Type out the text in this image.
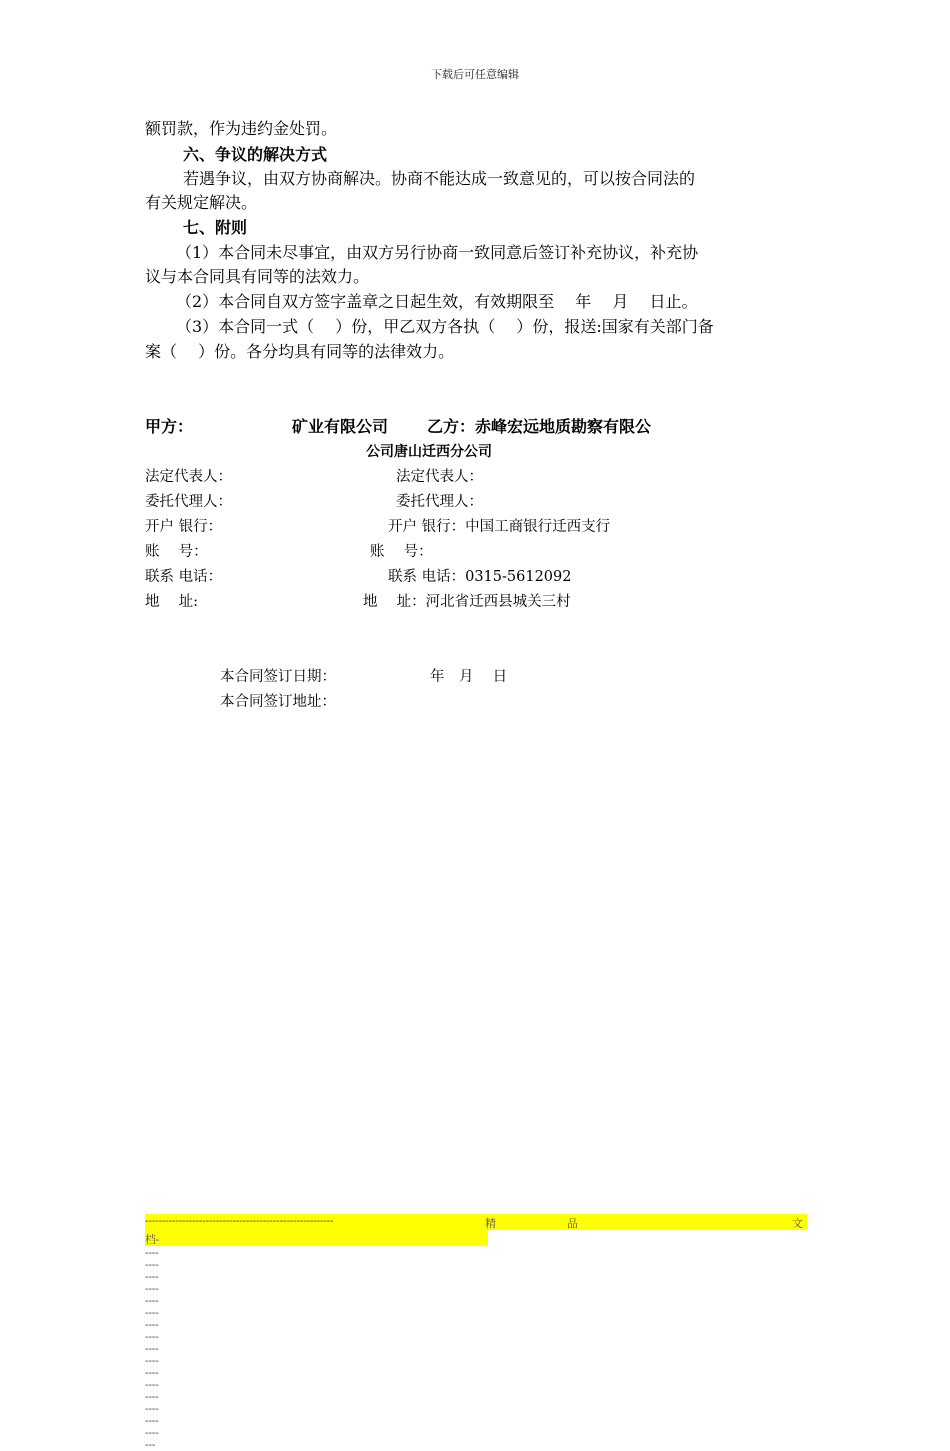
下载后可任意编辑
额罚款，作为违约金处罚。
六、争议的解决方式
若遇争议，由双方协商解决。协商不能达成一致意见的，可以按合同法的
有关规定解决。
七、附则
（1）本合同未尽事宜，由双方另行协商一致同意后签订补充协议，补充协
议与本合同具有同等的法效力。
（2）本合同自双方签字盖章之日起生效，有效期限至　 年　 月　 日止。
（3）本合同一式（　 ）份，甲乙双方各执（　 ）份，报送:国家有关部门备
案（　 ）份。各分均具有同等的法律效力。
甲方：	矿业有限公司 乙方：赤峰宏远地质勘察有限公
公司唐山迁西分公司
法定代表人：	法定代表人：
委托代理人：	委托代理人：
开户 银行：	开户 银行：中国工商银行迁西支行
账　 号：	账　 号：
联系 电话：	联系 电话：0315-5612092
地　 址:	地　 址：河北省迁西县城关三村
本合同签订日期：	年　月　 日
本合同签订地址：
--------------------------------------------------------	精	品	文
档--------------------------------------------------------------------
